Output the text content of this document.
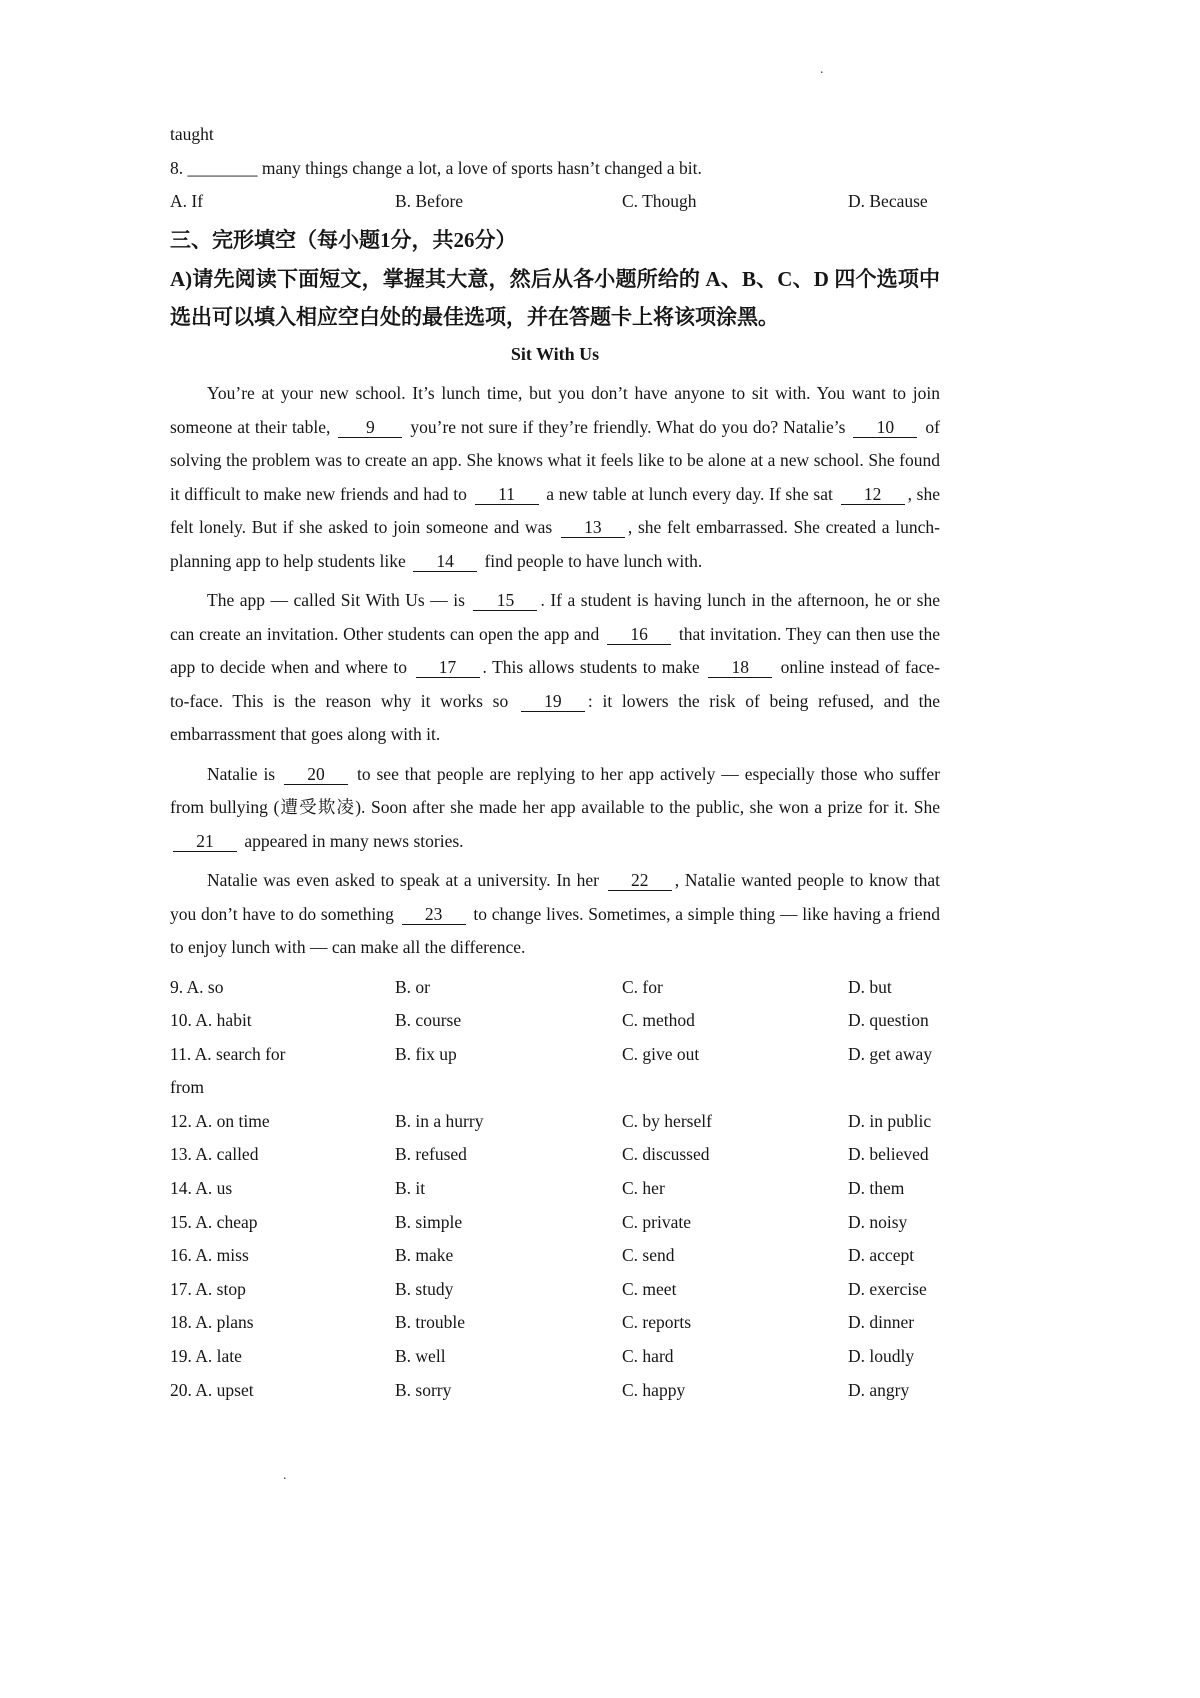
.
.
taught
8. ________ many things change a lot, a love of sports hasn’t changed a bit.
A. If	B. Before	C. Though	D. Because
三、完形填空（每小题1分，共26分）
A)请先阅读下面短文，掌握其大意，然后从各小题所给的 A、B、C、D 四个选项中选出可以填入相应空白处的最佳选项，并在答题卡上将该项涂黑。
Sit With Us
You’re at your new school. It’s lunch time, but you don’t have anyone to sit with. You want to join someone at their table, 9 you’re not sure if they’re friendly. What do you do? Natalie’s 10 of solving the problem was to create an app. She knows what it feels like to be alone at a new school. She found it difficult to make new friends and had to 11 a new table at lunch every day. If she sat 12 , she felt lonely. But if she asked to join someone and was 13 , she felt embarrassed. She created a lunch-planning app to help students like 14 find people to have lunch with.
The app — called Sit With Us — is 15 . If a student is having lunch in the afternoon, he or she can create an invitation. Other students can open the app and 16 that invitation. They can then use the app to decide when and where to 17 . This allows students to make 18 online instead of face-to-face. This is the reason why it works so 19 : it lowers the risk of being refused, and the embarrassment that goes along with it.
Natalie is 20 to see that people are replying to her app actively — especially those who suffer from bullying (遭受欺凌). Soon after she made her app available to the public, she won a prize for it. She 21 appeared in many news stories.
Natalie was even asked to speak at a university. In her 22 , Natalie wanted people to know that you don’t have to do something 23 to change lives. Sometimes, a simple thing — like having a friend to enjoy lunch with — can make all the difference.
9. A. so	B. or	C. for	D. but
10. A. habit	B. course	C. method	D. question
11. A. search for	B. fix up	C. give out	D. get away
from
12. A. on time	B. in a hurry	C. by herself	D. in public
13. A. called	B. refused	C. discussed	D. believed
14. A. us	B. it	C. her	D. them
15. A. cheap	B. simple	C. private	D. noisy
16. A. miss	B. make	C. send	D. accept
17. A. stop	B. study	C. meet	D. exercise
18. A. plans	B. trouble	C. reports	D. dinner
19. A. late	B. well	C. hard	D. loudly
20. A. upset	B. sorry	C. happy	D. angry
